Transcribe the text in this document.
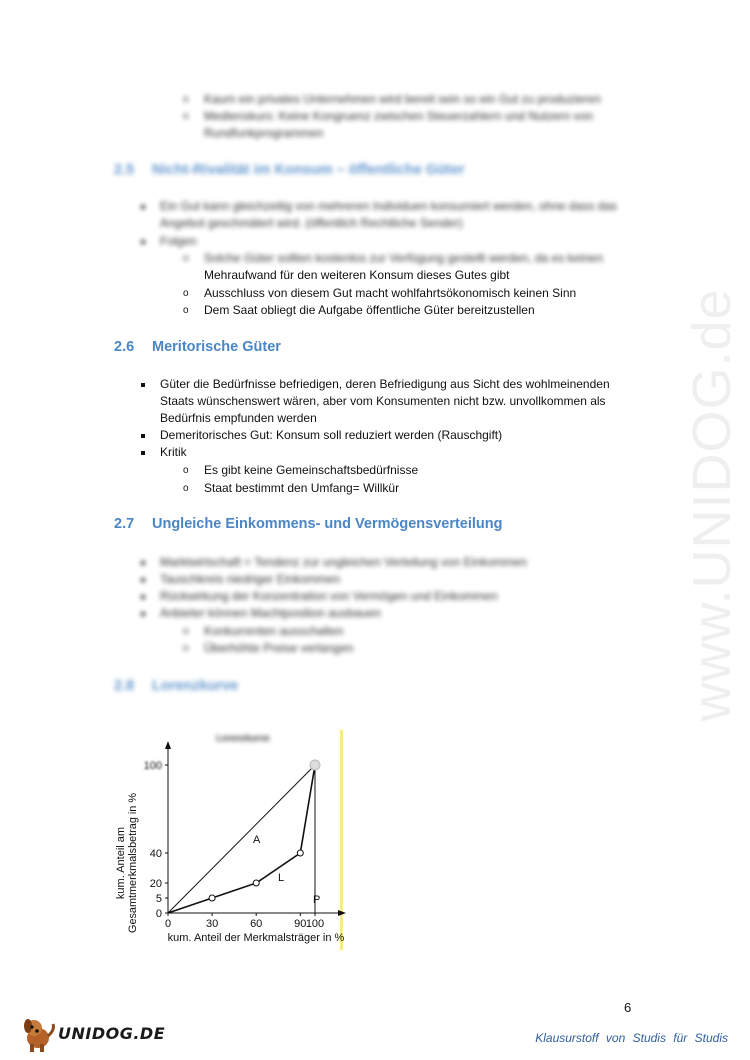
www.UNIDOG.de
o Kaum ein privates Unternehmen wird bereit sein so ein Gut zu produzieren
o Medienskurs: Keine Kongruenz zwischen Steuerzahlern und Nutzern von
Rundfunkprogrammen
2.5 Nicht-Rivalität im Konsum – öffentliche Güter
Ein Gut kann gleichzeitig von mehreren Individuen konsumiert werden, ohne dass das
Angebot geschmälert wird. (öffentlich Rechtliche Sender)
Folgen
o Solche Güter sollten kostenlos zur Verfügung gestellt werden, da es keinen
Mehraufwand für den weiteren Konsum dieses Gutes gibt
o Ausschluss von diesem Gut macht wohlfahrtsökonomisch keinen Sinn
o Dem Saat obliegt die Aufgabe öffentliche Güter bereitzustellen
2.6 Meritorische Güter
Güter die Bedürfnisse befriedigen, deren Befriedigung aus Sicht des wohlmeinenden
Staats wünschenswert wären, aber vom Konsumenten nicht bzw. unvollkommen als
Bedürfnis empfunden werden
Demeritorisches Gut: Konsum soll reduziert werden (Rauschgift)
Kritik
o Es gibt keine Gemeinschaftsbedürfnisse
o Staat bestimmt den Umfang= Willkür
2.7 Ungleiche Einkommens- und Vermögensverteilung
Marktwirtschaft = Tendenz zur ungleichen Verteilung von Einkommen
Tauschkreis niedriger Einkommen
Rückwirkung der Konzentration von Vermögen und Einkommen
Anbieter können Machtposition ausbauen
o Konkurrenten ausschalten
o Überhöhte Preise verlangen
2.8 Lorenzkurve
Lorenzkurve
0	30	60	90 100
0
5
20
40
100
A
L
P
kum. Anteil der Merkmalsträger in %
kum. Anteil am Gesamtmerkmalsbetrag in %
6
UNIDOG.DE	Klausurstoff von Studis für Studis
